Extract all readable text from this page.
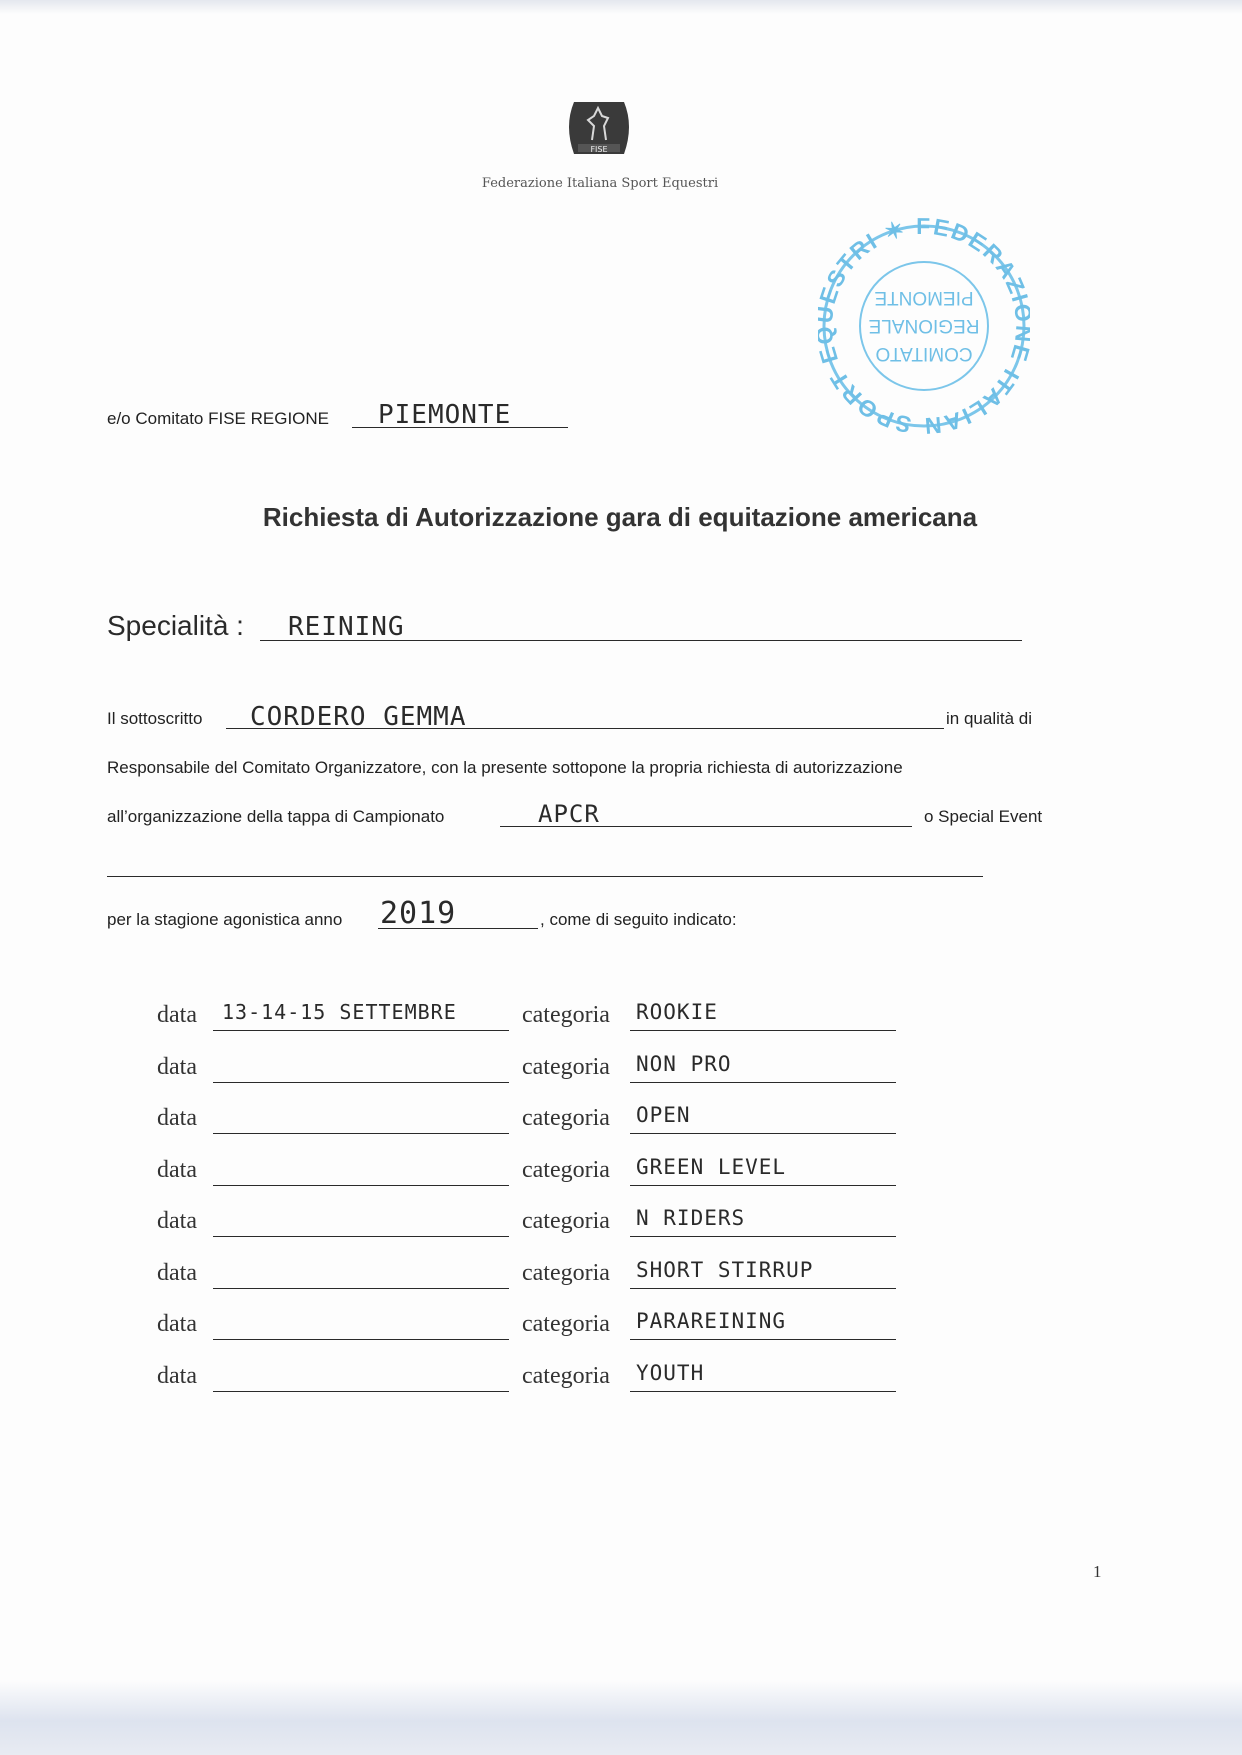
FISE
Federazione Italiana Sport Equestri
SPORT STRI ✶ FEDERAZ ITALIAN
COMITATO
REGIONALE
PIEMONTE
e/o Comitato FISE REGIONE PIEMONTE
Richiesta di Autorizzazione gara di equitazione americana
Specialità : REINING
Il sottoscritto CORDERO GEMMA	in qualità di
Responsabile del Comitato Organizzatore, con la presente sottopone la propria richiesta di autorizzazione
all’organizzazione della tappa di Campionato	APCR	o Special Event
per la stagione agonistica anno 2019	, come di seguito indicato:
data 13-14-15 SETTEMBRE	categoria ROOKIE
data	categoria NON PRO
data	categoria OPEN
data	categoria GREEN LEVEL
data	categoria N RIDERS
data	categoria SHORT STIRRUP
data	categoria PARAREINING
data	categoria YOUTH
1
